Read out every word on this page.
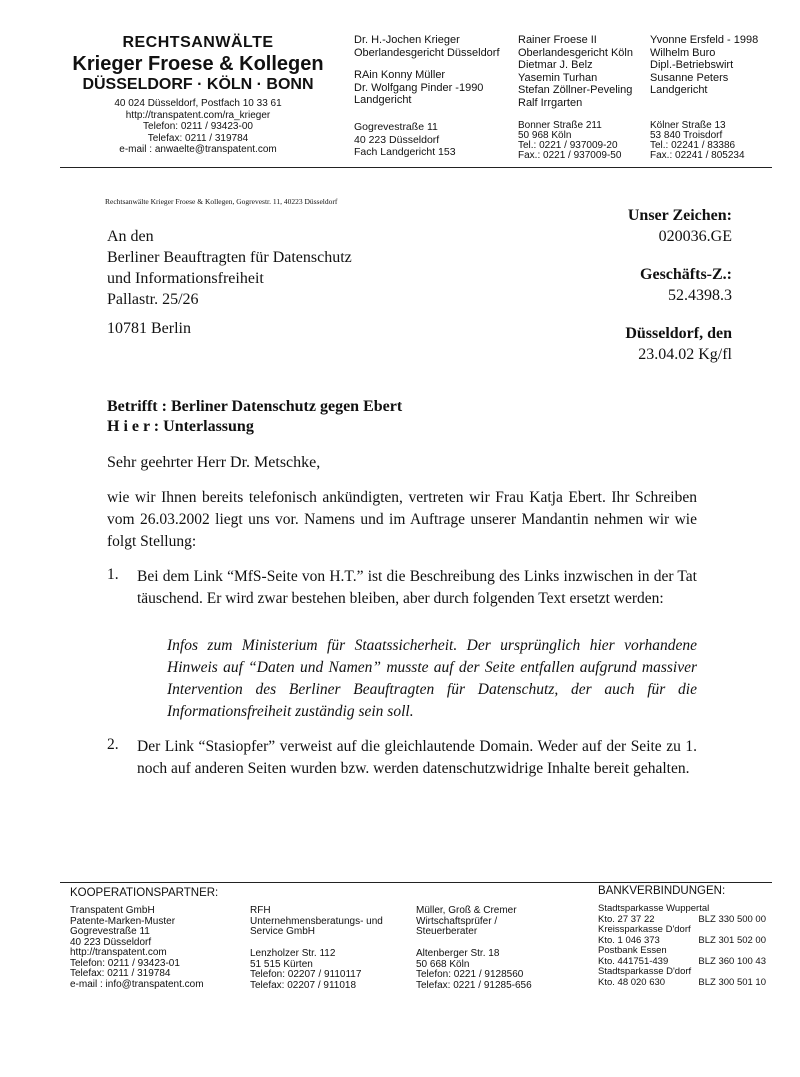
RECHTSANWÄLTE
Krieger Froese & Kollegen
DÜSSELDORF · KÖLN · BONN
40 024 Düsseldorf, Postfach 10 33 61
http://transpatent.com/ra_krieger
Telefon: 0211 / 93423-00
Telefax: 0211 / 319784
e-mail : anwaelte@transpatent.com
Dr. H.-Jochen Krieger
Oberlandesgericht Düsseldorf
RAin Konny Müller
Dr. Wolfgang Pinder -1990
Landgericht
Gogrevestraße 11
40 223 Düsseldorf
Fach Landgericht 153
Rainer Froese II
Oberlandesgericht Köln
Dietmar J. Belz
Yasemin Turhan
Stefan Zöllner-Peveling
Ralf Irrgarten
Bonner Straße 211
50 968 Köln
Tel.: 0221 / 937009-20
Fax.: 0221 / 937009-50
Yvonne Ersfeld - 1998
Wilhelm Buro
Dipl.-Betriebswirt
Susanne Peters
Landgericht
Kölner Straße 13
53 840 Troisdorf
Tel.: 02241 / 83386
Fax.: 02241 / 805234
Rechtsanwälte Krieger Froese & Kollegen, Gogrevestr. 11, 40223 Düsseldorf
An den
Berliner Beauftragten für Datenschutz
und Informationsfreiheit
Pallastr. 25/26
10781 Berlin
Unser Zeichen:
020036.GE
Geschäfts-Z.:
52.4398.3
Düsseldorf, den
23.04.02 Kg/fl
Betrifft : Berliner Datenschutz gegen Ebert
H i e r : Unterlassung
Sehr geehrter Herr Dr. Metschke,
wie wir Ihnen bereits telefonisch ankündigten, vertreten wir Frau Katja Ebert. Ihr Schreiben vom 26.03.2002 liegt uns vor. Namens und im Auftrage unserer Mandantin nehmen wir wie folgt Stellung:
1. Bei dem Link “MfS-Seite von H.T.” ist die Beschreibung des Links inzwischen in der Tat täuschend. Er wird zwar bestehen bleiben, aber durch folgenden Text ersetzt werden:
Infos zum Ministerium für Staatssicherheit. Der ursprünglich hier vorhandene Hinweis auf “Daten und Namen” musste auf der Seite entfallen aufgrund massiver Intervention des Berliner Beauftragten für Datenschutz, der auch für die Informationsfreiheit zuständig sein soll.
2. Der Link “Stasiopfer” verweist auf die gleichlautende Domain. Weder auf der Seite zu 1. noch auf anderen Seiten wurden bzw. werden datenschutzwidrige Inhalte bereit gehalten.
KOOPERATIONSPARTNER:	BANKVERBINDUNGEN:
Transpatent GmbH
Patente-Marken-Muster
Gogrevestraße 11
40 223 Düsseldorf
http://transpatent.com
Telefon: 0211 / 93423-01
Telefax: 0211 / 319784
e-mail : info@transpatent.com
RFH
Unternehmensberatungs- und
Service GmbH
Lenzholzer Str. 112
51 515 Kürten
Telefon: 02207 / 9110117
Telefax: 02207 / 911018
Müller, Groß & Cremer
Wirtschaftsprüfer /
Steuerberater
Altenberger Str. 18
50 668 Köln
Telefon: 0221 / 9128560
Telefax: 0221 / 91285-656
Stadtsparkasse Wuppertal
Kto. 27 37 22	BLZ 330 500 00
Kreissparkasse D'dorf
Kto. 1 046 373	BLZ 301 502 00
Postbank Essen
Kto. 441751-439	BLZ 360 100 43
Stadtsparkasse D'dorf
Kto. 48 020 630	BLZ 300 501 10
